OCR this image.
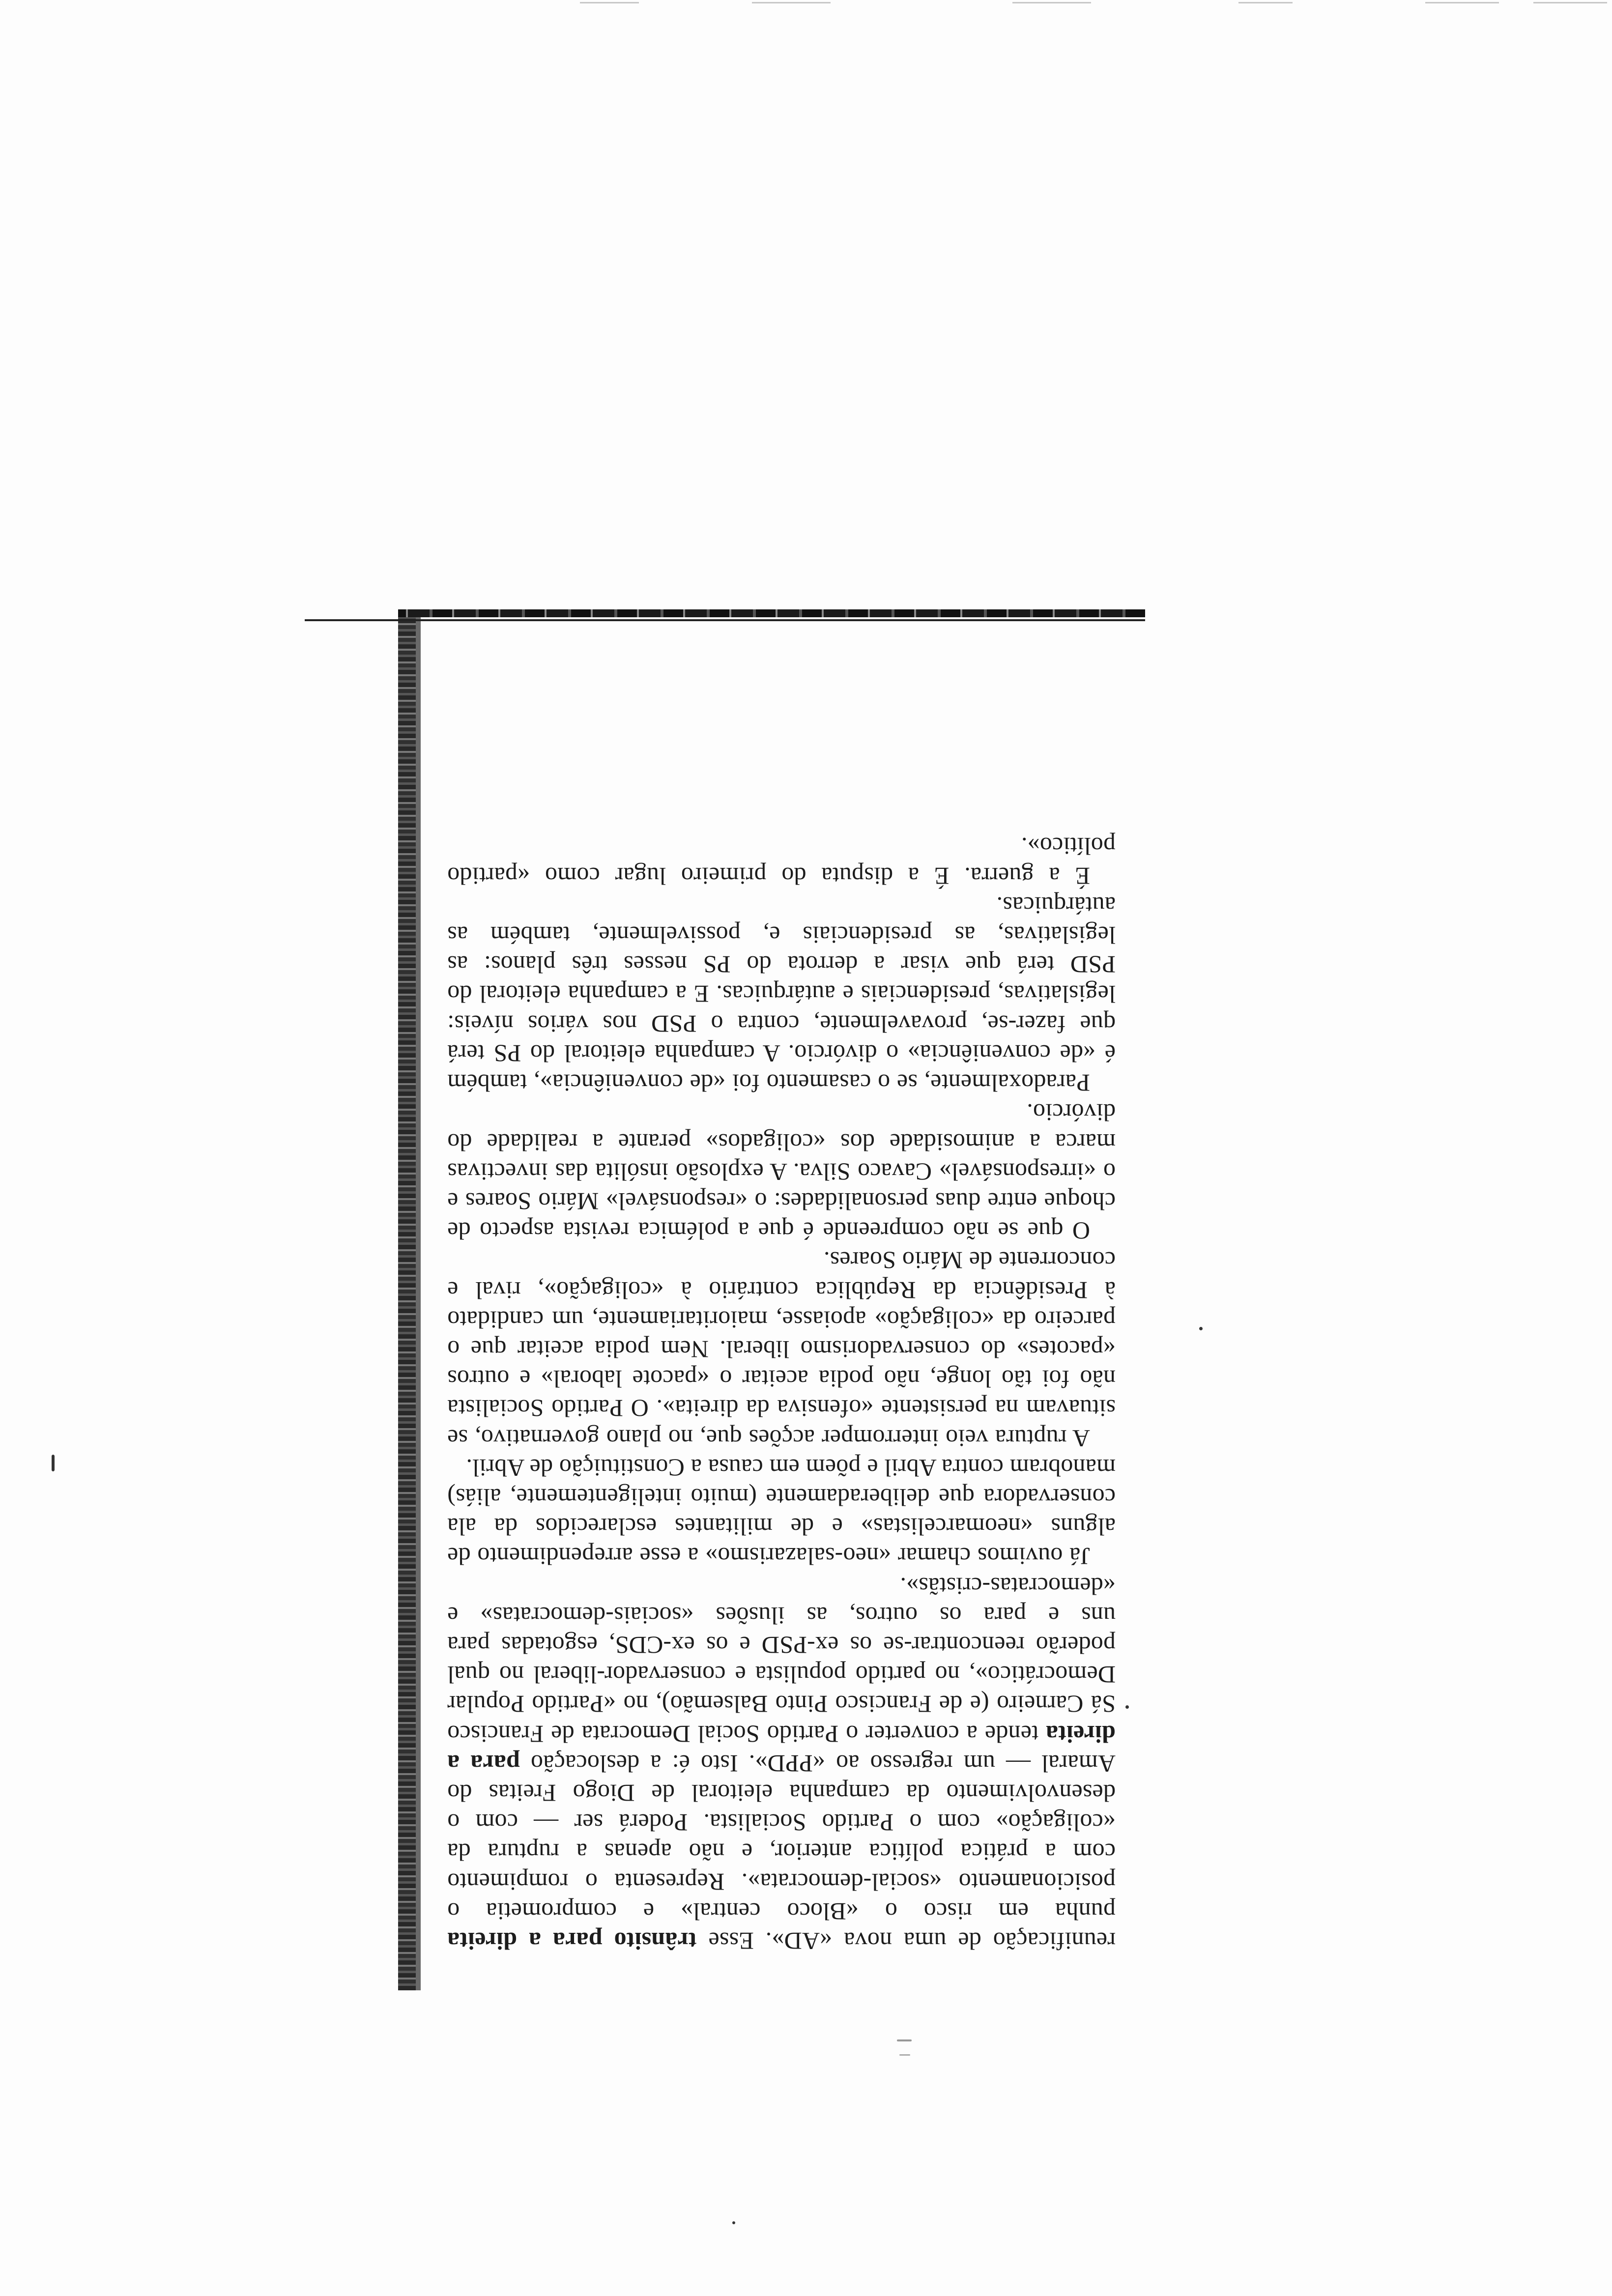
reunificação de uma nova «AD». Esse trânsito para a direita punha em risco o «Bloco central» e comprometia o posicionamento «social-democrata». Representa o rompimento com a prática política anterior, e não apenas a ruptura da «coligação» com o Partido Socialista. Poderá ser — com o desenvolvimento da campanha eleitoral de Diogo Freitas do Amaral — um regresso ao «PPD». Isto é: a deslocação para a direita tende a converter o Partido Social Democrata de Francisco Sá Carneiro (e de Francisco Pinto Balsemão), no «Partido Popular Democrático», no partido populista e conservador-liberal no qual poderão reencontrar-se os ex-PSD e os ex-CDS, esgotadas para uns e para os outros, as ilusões «sociais-democratas» e «democratas-cristãs».

Já ouvimos chamar «neo-salazarismo» a esse arrependimento de alguns «neomarcelistas» e de militantes esclarecidos da ala conservadora que deliberadamente (muito inteligentemente, aliás) manobram contra Abril e põem em causa a Constituição de Abril.

A ruptura veio interromper acções que, no plano governativo, se situavam na persistente «ofensiva da direita». O Partido Socialista não foi tão longe, não podia aceitar o «pacote laboral» e outros «pacotes» do conservadorismo liberal. Nem podia aceitar que o parceiro da «coligação» apoiasse, maioritariamente, um candidato à Presidência da República contrário à «coligação», rival e concorrente de Mário Soares.

O que se não compreende é que a polémica revista aspecto de choque entre duas personalidades: o «responsável» Mário Soares e o «irresponsável» Cavaco Silva. A explosão insólita das invectivas marca a animosidade dos «coligados» perante a realidade do divórcio.

Paradoxalmente, se o casamento foi «de conveniência», também é «de conveniência» o divórcio. A campanha eleitoral do PS terá que fazer-se, provavelmente, contra o PSD nos vários níveis: legislativas, presidenciais e autárquicas. E a campanha eleitoral do PSD terá que visar a derrota do PS nesses três planos: as legislativas, as presidenciais e, possivelmente, também as autárquicas.

É a guerra. É a disputa do primeiro lugar como «partido político».
